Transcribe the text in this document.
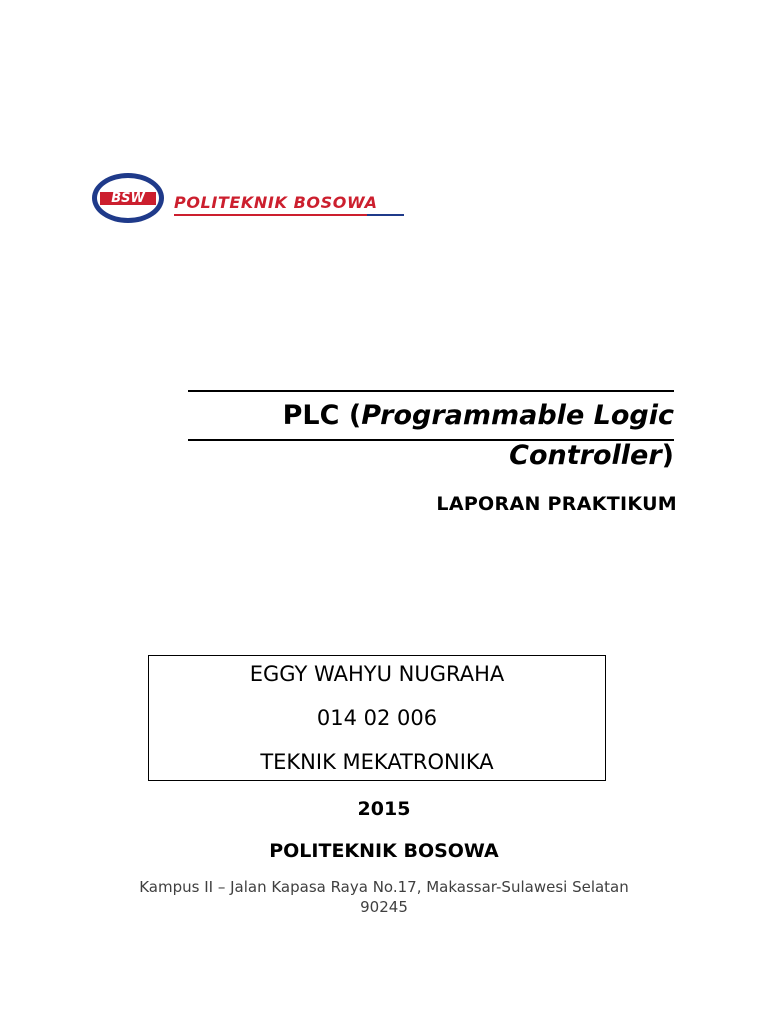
BSW POLITEKNIK BOSOWA
PLC (Programmable Logic
Controller)
LAPORAN PRAKTIKUM
EGGY WAHYU NUGRAHA
014 02 006
TEKNIK MEKATRONIKA
2015
POLITEKNIK BOSOWA
Kampus II – Jalan Kapasa Raya No.17, Makassar-Sulawesi Selatan
90245
